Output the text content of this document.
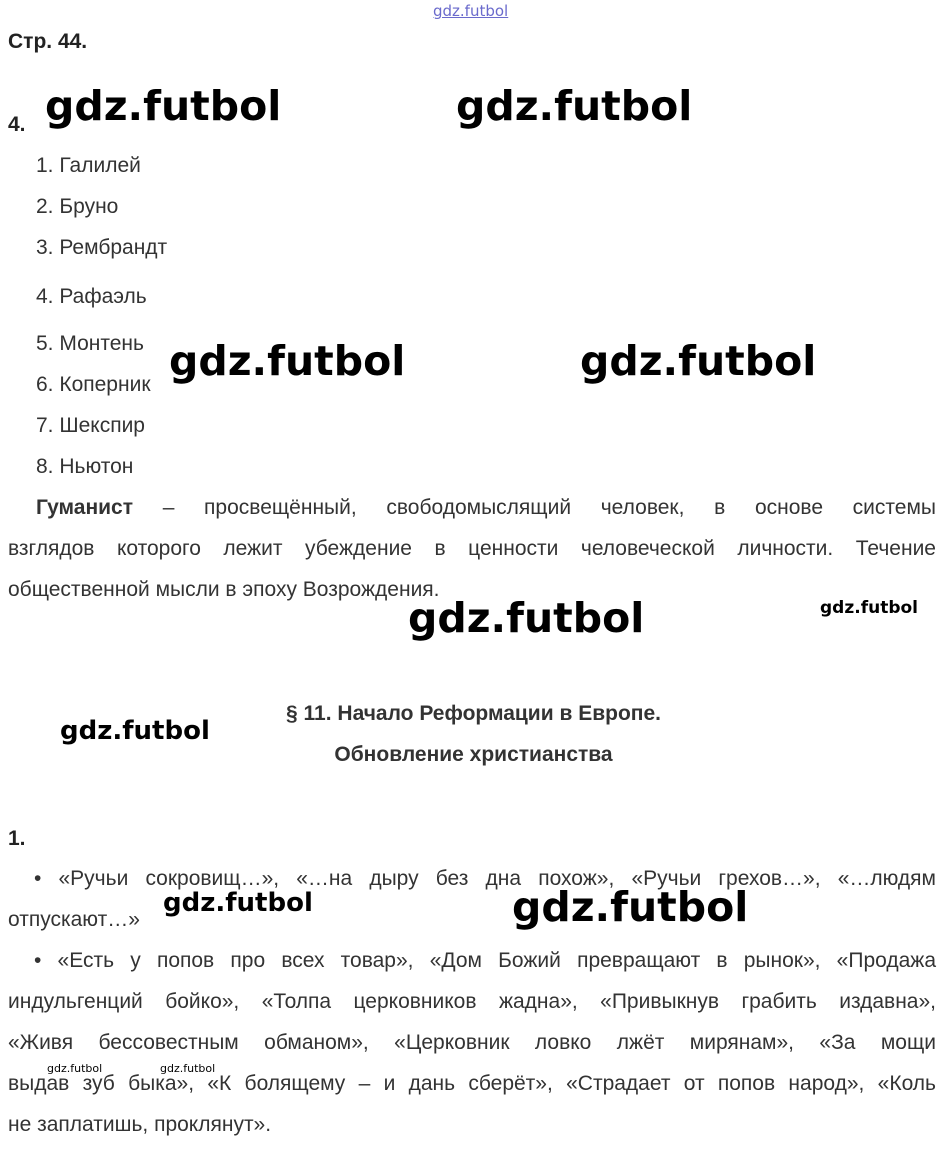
gdz.futbol
Стр. 44.
4.
1. Галилей
2. Бруно
3. Рембрандт
4. Рафаэль
5. Монтень
6. Коперник
7. Шекспир
8. Ньютон
Гуманист – просвещённый, свободомыслящий человек, в основе системы
взглядов которого лежит убеждение в ценности человеческой личности. Течение
общественной мысли в эпоху Возрождения.
§ 11. Начало Реформации в Европе.
Обновление христианства
1.
• «Ручьи сокровищ…», «…на дыру без дна похож», «Ручьи грехов…», «…людям
отпускают…»
• «Есть у попов про всех товар», «Дом Божий превращают в рынок», «Продажа
индульгенций бойко», «Толпа церковников жадна», «Привыкнув грабить издавна»,
«Живя бессовестным обманом», «Церковник ловко лжёт мирянам», «За мощи
выдав зуб быка», «К болящему – и дань сберёт», «Страдает от попов народ», «Коль
не заплатишь, проклянут».
gdz.futbol	gdz.futbol
gdz.futbol	gdz.futbol
gdz.futbol	gdz.futbol
gdz.futbol
gdz.futbol	gdz.futbol
gdz.futbol	gdz.futbol
